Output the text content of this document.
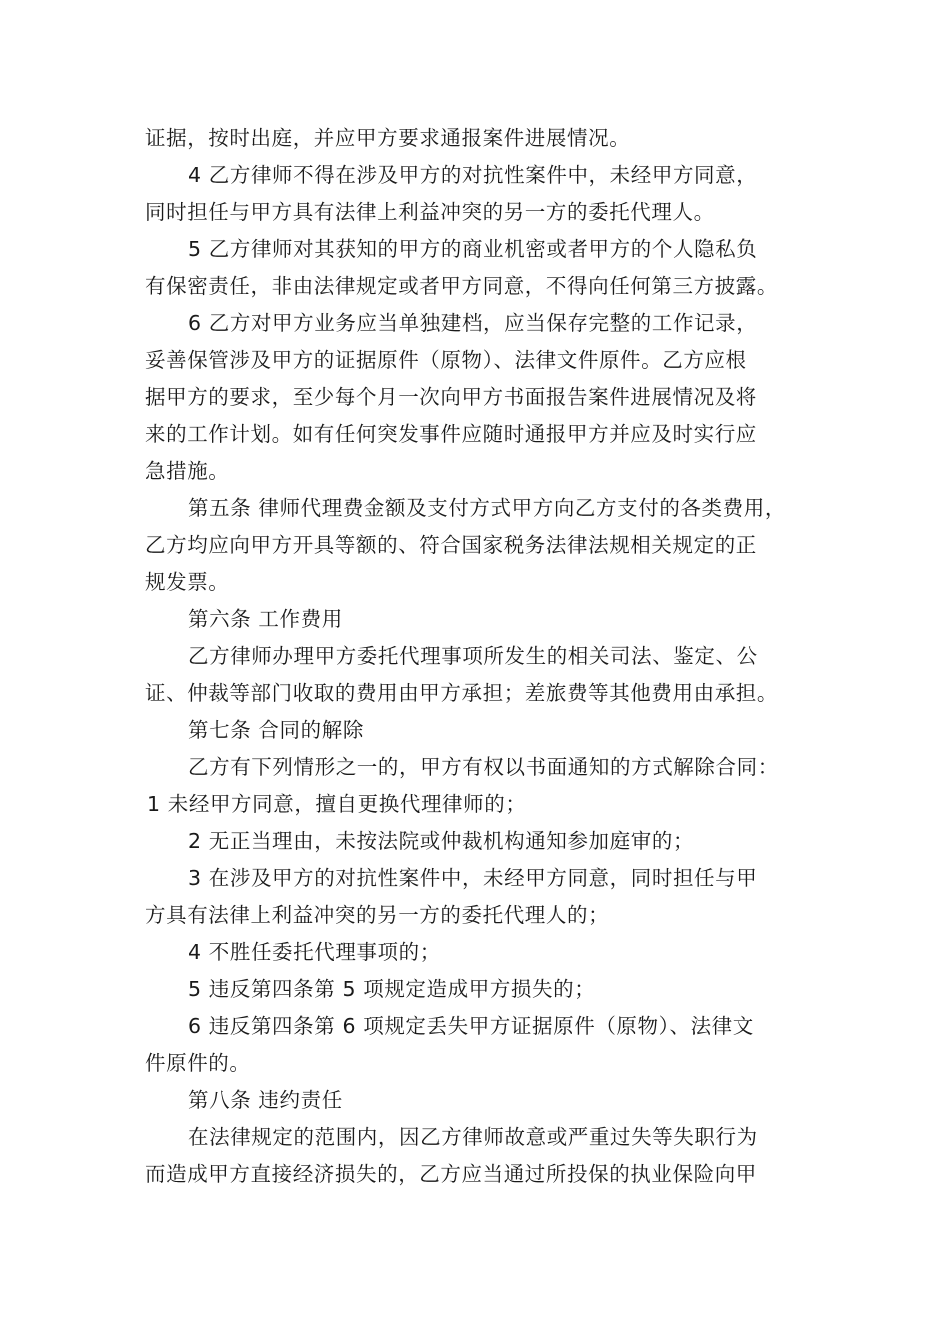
证据，按时出庭，并应甲方要求通报案件进展情况。
4 乙方律师不得在涉及甲方的对抗性案件中，未经甲方同意，
同时担任与甲方具有法律上利益冲突的另一方的委托代理人。
5 乙方律师对其获知的甲方的商业机密或者甲方的个人隐私负
有保密责任，非由法律规定或者甲方同意，不得向任何第三方披露。
6 乙方对甲方业务应当单独建档，应当保存完整的工作记录，
妥善保管涉及甲方的证据原件（原物）、法律文件原件。乙方应根
据甲方的要求，至少每个月一次向甲方书面报告案件进展情况及将
来的工作计划。如有任何突发事件应随时通报甲方并应及时实行应
急措施。
第五条 律师代理费金额及支付方式甲方向乙方支付的各类费用，
乙方均应向甲方开具等额的、符合国家税务法律法规相关规定的正
规发票。
第六条 工作费用
乙方律师办理甲方委托代理事项所发生的相关司法、鉴定、公
证、仲裁等部门收取的费用由甲方承担；差旅费等其他费用由承担。
第七条 合同的解除
乙方有下列情形之一的，甲方有权以书面通知的方式解除合同：
1 未经甲方同意，擅自更换代理律师的；
2 无正当理由，未按法院或仲裁机构通知参加庭审的；
3 在涉及甲方的对抗性案件中，未经甲方同意，同时担任与甲
方具有法律上利益冲突的另一方的委托代理人的；
4 不胜任委托代理事项的；
5 违反第四条第 5 项规定造成甲方损失的；
6 违反第四条第 6 项规定丢失甲方证据原件（原物）、法律文
件原件的。
第八条 违约责任
在法律规定的范围内，因乙方律师故意或严重过失等失职行为
而造成甲方直接经济损失的，乙方应当通过所投保的执业保险向甲
